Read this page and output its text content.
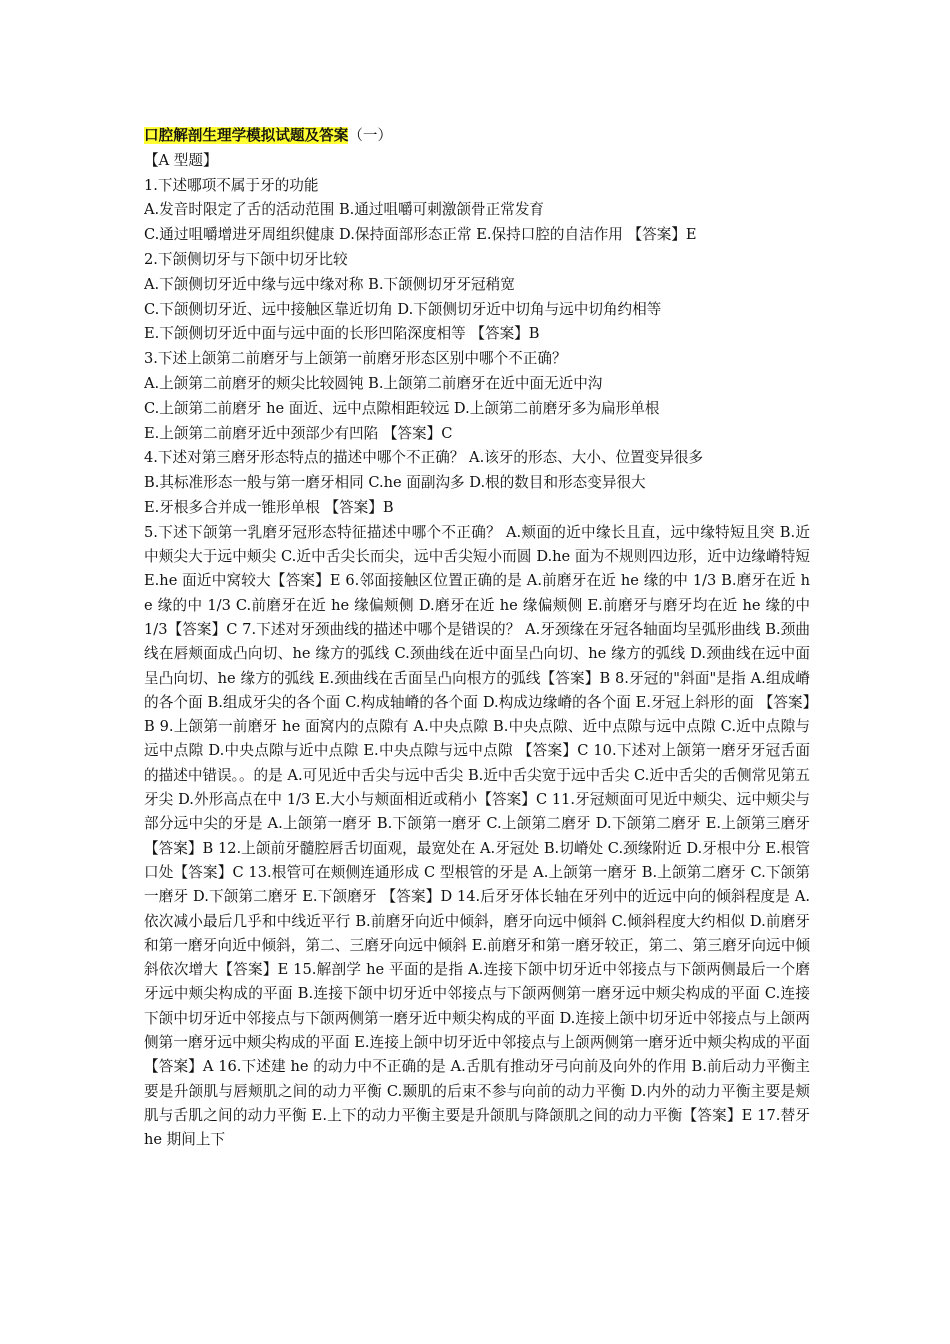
口腔解剖生理学模拟试题及答案（一）
【A 型题】
1.下述哪项不属于牙的功能
A.发音时限定了舌的活动范围 B.通过咀嚼可刺激颌骨正常发育
C.通过咀嚼增进牙周组织健康 D.保持面部形态正常 E.保持口腔的自洁作用 【答案】E
2.下颌侧切牙与下颌中切牙比较
A.下颌侧切牙近中缘与远中缘对称 B.下颌侧切牙牙冠稍宽
C.下颌侧切牙近、远中接触区靠近切角 D.下颌侧切牙近中切角与远中切角约相等
E.下颌侧切牙近中面与远中面的长形凹陷深度相等 【答案】B
3.下述上颌第二前磨牙与上颌第一前磨牙形态区别中哪个不正确？
A.上颌第二前磨牙的颊尖比较圆钝 B.上颌第二前磨牙在近中面无近中沟
C.上颌第二前磨牙 he 面近、远中点隙相距较远 D.上颌第二前磨牙多为扁形单根
E.上颌第二前磨牙近中颈部少有凹陷 【答案】C
4.下述对第三磨牙形态特点的描述中哪个不正确？ A.该牙的形态、大小、位置变异很多
B.其标准形态一般与第一磨牙相同 C.he 面副沟多 D.根的数目和形态变异很大
E.牙根多合并成一锥形单根 【答案】B

5.下述下颌第一乳磨牙冠形态特征描述中哪个不正确？ A.颊面的近中缘长且直，远中缘特短且突 B.近中颊尖大于远中颊尖 C.近中舌尖长而尖，远中舌尖短小而圆 D.he 面为不规则四边形，近中边缘嵴特短 E.he 面近中窝较大【答案】E 6.邻面接触区位置正确的是 A.前磨牙在近 he 缘的中 1/3 B.磨牙在近 he 缘的中 1/3 C.前磨牙在近 he 缘偏颊侧 D.磨牙在近 he 缘偏颊侧 E.前磨牙与磨牙均在近 he 缘的中 1/3【答案】C 7.下述对牙颈曲线的描述中哪个是错误的？ A.牙颈缘在牙冠各轴面均呈弧形曲线 B.颈曲线在唇颊面成凸向切、he 缘方的弧线 C.颈曲线在近中面呈凸向切、he 缘方的弧线 D.颈曲线在远中面呈凸向切、he 缘方的弧线 E.颈曲线在舌面呈凸向根方的弧线【答案】B 8.牙冠的"斜面"是指 A.组成嵴的各个面 B.组成牙尖的各个面 C.构成轴嵴的各个面 D.构成边缘嵴的各个面 E.牙冠上斜形的面 【答案】B 9.上颌第一前磨牙 he 面窝内的点隙有 A.中央点隙 B.中央点隙、近中点隙与远中点隙 C.近中点隙与远中点隙 D.中央点隙与近中点隙 E.中央点隙与远中点隙 【答案】C 10.下述对上颌第一磨牙牙冠舌面的描述中错误。。的是 A.可见近中舌尖与远中舌尖 B.近中舌尖宽于远中舌尖 C.近中舌尖的舌侧常见第五牙尖 D.外形高点在中 1/3 E.大小与颊面相近或稍小【答案】C 11.牙冠颊面可见近中颊尖、远中颊尖与部分远中尖的牙是 A.上颌第一磨牙 B.下颌第一磨牙 C.上颌第二磨牙 D.下颌第二磨牙 E.上颌第三磨牙 【答案】B 12.上颌前牙髓腔唇舌切面观，最宽处在 A.牙冠处 B.切嵴处 C.颈缘附近 D.牙根中分 E.根管口处【答案】C 13.根管可在颊侧连通形成 C 型根管的牙是 A.上颌第一磨牙 B.上颌第二磨牙 C.下颌第一磨牙 D.下颌第二磨牙 E.下颌磨牙 【答案】D 14.后牙牙体长轴在牙列中的近远中向的倾斜程度是 A.依次减小最后几乎和中线近平行 B.前磨牙向近中倾斜，磨牙向远中倾斜 C.倾斜程度大约相似 D.前磨牙和第一磨牙向近中倾斜，第二、三磨牙向远中倾斜 E.前磨牙和第一磨牙较正，第二、第三磨牙向远中倾斜依次增大【答案】E 15.解剖学 he 平面的是指 A.连接下颌中切牙近中邻接点与下颌两侧最后一个磨牙远中颊尖构成的平面 B.连接下颌中切牙近中邻接点与下颌两侧第一磨牙远中颊尖构成的平面 C.连接下颌中切牙近中邻接点与下颌两侧第一磨牙近中颊尖构成的平面 D.连接上颌中切牙近中邻接点与上颌两侧第一磨牙远中颊尖构成的平面 E.连接上颌中切牙近中邻接点与上颌两侧第一磨牙近中颊尖构成的平面【答案】A 16.下述建 he 的动力中不正确的是 A.舌肌有推动牙弓向前及向外的作用 B.前后动力平衡主要是升颌肌与唇颊肌之间的动力平衡 C.颞肌的后束不参与向前的动力平衡 D.内外的动力平衡主要是颊肌与舌肌之间的动力平衡 E.上下的动力平衡主要是升颌肌与降颌肌之间的动力平衡【答案】E 17.替牙 he 期间上下
